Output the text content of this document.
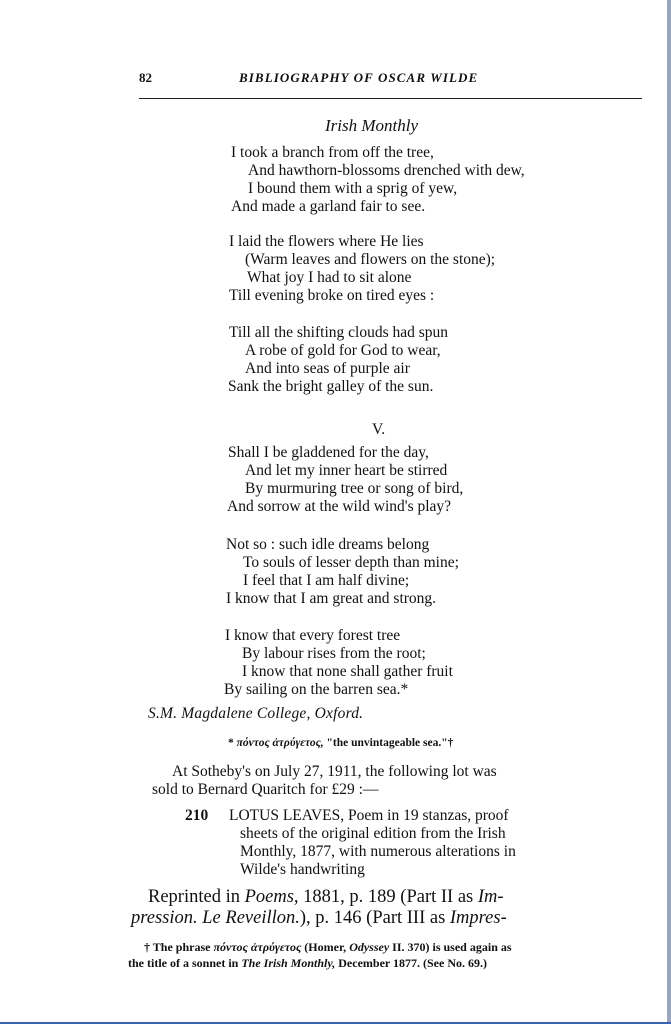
82	BIBLIOGRAPHY OF OSCAR WILDE
Irish Monthly
I took a branch from off the tree,
And hawthorn-blossoms drenched with dew,
I bound them with a sprig of yew,
And made a garland fair to see.
I laid the flowers where He lies
(Warm leaves and flowers on the stone);
What joy I had to sit alone
Till evening broke on tired eyes :
Till all the shifting clouds had spun
A robe of gold for God to wear,
And into seas of purple air
Sank the bright galley of the sun.
V.
Shall I be gladdened for the day,
And let my inner heart be stirred
By murmuring tree or song of bird,
And sorrow at the wild wind's play?
Not so : such idle dreams belong
To souls of lesser depth than mine;
I feel that I am half divine;
I know that I am great and strong.
I know that every forest tree
By labour rises from the root;
I know that none shall gather fruit
By sailing on the barren sea.*
S.M. Magdalene College, Oxford.
* πόντος ἀτρύγετος, "the unvintageable sea."†
At Sotheby's on July 27, 1911, the following lot was
sold to Bernard Quaritch for £29 :—
210 LOTUS LEAVES, Poem in 19 stanzas, proof
sheets of the original edition from the Irish
Monthly, 1877, with numerous alterations in
Wilde's handwriting
Reprinted in Poems, 1881, p. 189 (Part II as Im-
pression. Le Reveillon.), p. 146 (Part III as Impres-
† The phrase πόντος ἀτρύγετος (Homer, Odyssey II. 370) is used again as
the title of a sonnet in The Irish Monthly, December 1877. (See No. 69.)
